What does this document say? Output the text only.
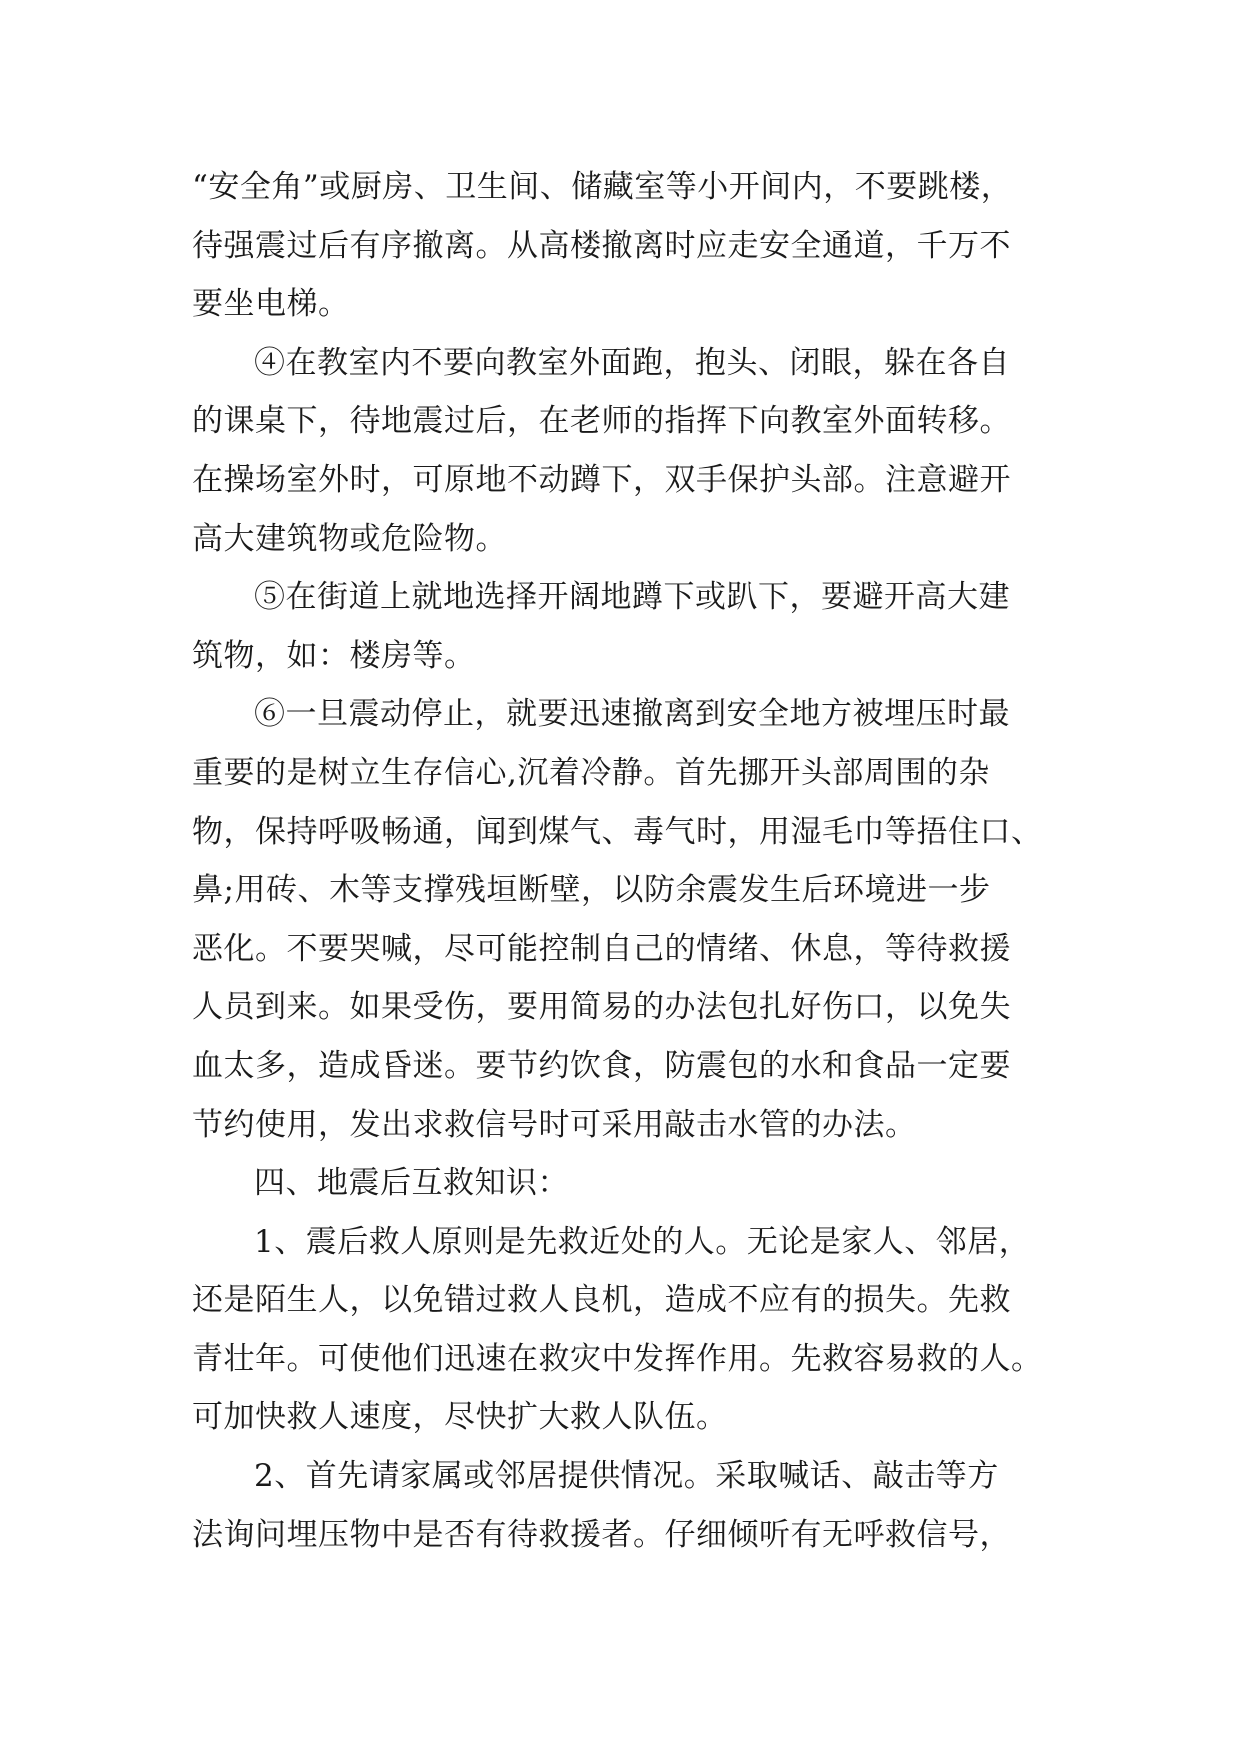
“安全角”或厨房、卫生间、储藏室等小开间内，不要跳楼，
待强震过后有序撤离。从高楼撤离时应走安全通道，千万不
要坐电梯。
④在教室内不要向教室外面跑，抱头、闭眼，躲在各自
的课桌下，待地震过后，在老师的指挥下向教室外面转移。
在操场室外时，可原地不动蹲下，双手保护头部。注意避开
高大建筑物或危险物。
⑤在街道上就地选择开阔地蹲下或趴下，要避开高大建
筑物，如：楼房等。
⑥一旦震动停止，就要迅速撤离到安全地方被埋压时最
重要的是树立生存信心,沉着冷静。首先挪开头部周围的杂
物，保持呼吸畅通，闻到煤气、毒气时，用湿毛巾等捂住口、
鼻;用砖、木等支撑残垣断壁，以防余震发生后环境进一步
恶化。不要哭喊，尽可能控制自己的情绪、休息，等待救援
人员到来。如果受伤，要用简易的办法包扎好伤口，以免失
血太多，造成昏迷。要节约饮食，防震包的水和食品一定要
节约使用，发出求救信号时可采用敲击水管的办法。
四、地震后互救知识：
1、震后救人原则是先救近处的人。无论是家人、邻居，
还是陌生人，以免错过救人良机，造成不应有的损失。先救
青壮年。可使他们迅速在救灾中发挥作用。先救容易救的人。
可加快救人速度，尽快扩大救人队伍。
2、首先请家属或邻居提供情况。采取喊话、敲击等方
法询问埋压物中是否有待救援者。仔细倾听有无呼救信号，
